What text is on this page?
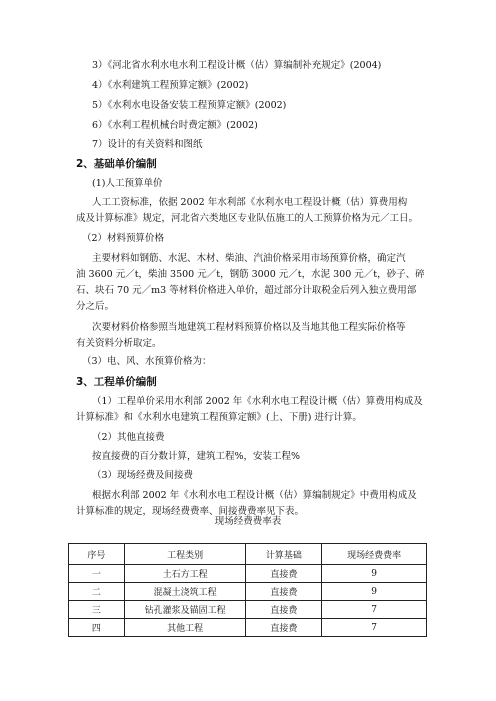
3）《河北省水利水电水利工程设计概（估）算编制补充规定》(2004)
4）《水利建筑工程预算定额》(2002)
5）《水利水电设备安装工程预算定额》(2002)
6）《水利工程机械台时费定额》(2002)
7）设计的有关资料和图纸
2、基础单价编制
(1)人工预算单价
人工工资标准，依据 2002 年水利部《水利水电工程设计概（估）算费用构
成及计算标准》规定，河北省六类地区专业队伍施工的人工预算价格为元／工日。
（2）材料预算价格
主要材料如钢筋、水泥、木材、柴油、汽油价格采用市场预算价格，确定汽
油 3600 元／t，柴油 3500 元／t，钢筋 3000 元／t，水泥 300 元／t，砂子、碎
石、块石 70 元／m3 等材料价格进入单价，超过部分计取税金后列入独立费用部
分之后。
次要材料价格参照当地建筑工程材料预算价格以及当地其他工程实际价格等
有关资料分析取定。
（3）电、风、水预算价格为：
3、工程单价编制
（1）工程单价采用水利部 2002 年《水利水电工程设计概（估）算费用构成及
计算标准》和《水利水电建筑工程预算定额》(上、下册) 进行计算。
（2）其他直接费
按直接费的百分数计算，建筑工程%，安装工程%
（3）现场经费及间接费
根据水利部 2002 年《水利水电工程设计概（估）算编制规定》中费用构成及
计算标准的规定，现场经费费率、间接费费率见下表。
现场经费费率表
序号	工程类别	计算基础	现场经费费率
一	土石方工程	直接费	9
二	混凝土浇筑工程	直接费	9
三	钻孔灌浆及锚固工程	直接费	7
四	其他工程	直接费	7
